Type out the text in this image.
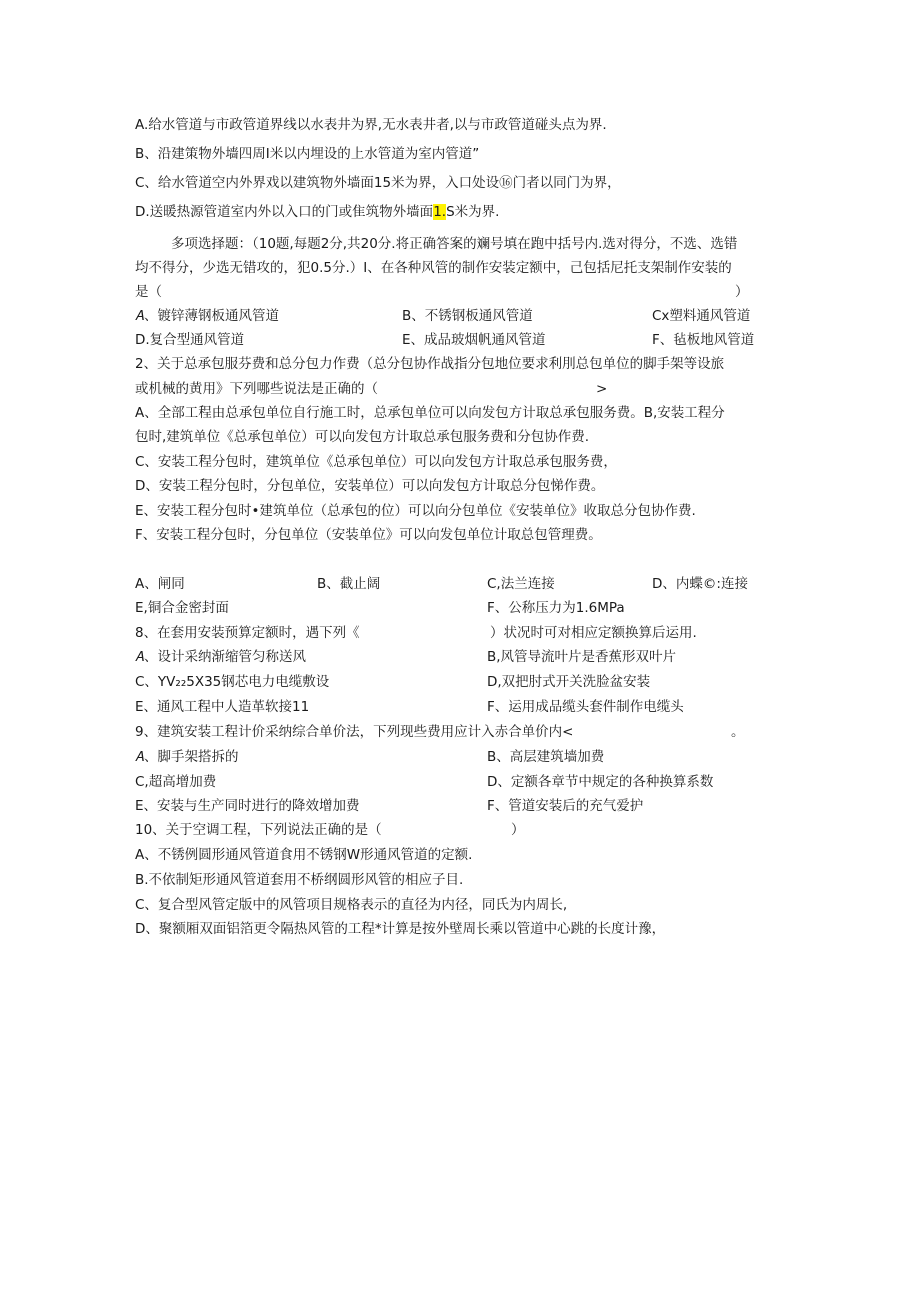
A.给水管道与市政管道界线以水表井为界,无水表井者,以与市政管道碰头点为界.
B、沿建策物外墙四周I米以内埋设的上水管道为室内管道”
C、给水管道空内外界戏以建筑物外墙面15米为界，入口处设⑯门者以同门为界，
D.送暖热源管道室内外以入口的门或隹筑物外墙面1.S米为界.
多项选择题：（10题,每题2分,共20分.将正确答案的斓号填在跑中括号内.选对得分，不选、选错
均不得分，少选无错攻的，犯0.5分.）I、在各种风管的制作安装定额中，己包括尼托支架制作安装的
是（	）
𝐴、镀锌薄钢板通风管道	B、不锈钢板通风管道	Cx塑料通风管道
D.复合型通风管道	E、成品玻烟帆通风管道	F、毡板地风管道
2、关于总承包服芬费和总分包力作费（总分包协作战指分包地位要求利刖总包单位的脚手架等设旅
或机械的黄用》下列哪些说法是正确的（	>
A、全部工程由总承包单位自行施工时，总承包单位可以向发包方计取总承包服务费。B,安装工程分
包时,建筑单位《总承包单位）可以向发包方计取总承包服务费和分包协作费.
C、安装工程分包时，建筑单位《总承包单位）可以向发包方计取总承包服务费，
D、安装工程分包时，分包单位，安装单位）可以向发包方计取总分包悌作费。
E、安装工程分包时•建筑单位（总承包的位）可以向分包单位《安装单位》收取总分包协作费.
F、安装工程分包时，分包单位（安装单位》可以向发包单位计取总包管理费。
A、闸同	B、截止阔	C,法兰连接	D、内蝶©:连接
E,铜合金密封面	F、公称压力为1.6MPa
8、在套用安装预算定额时，遇下列《	）状况时可对相应定额换算后运用.
𝐴、设计采纳渐缩管匀称送风	B,风管导流叶片是香蕉形双叶片
C、YV₂₂5X35钢芯电力电缆敷设	D,双把肘式开关洗脸盆安装
E、通风工程中人造革软接11	F、运用成品缆头套件制作电缆头
9、建筑安装工程计价采纳综合单价法，下列现些费用应计入赤合单价内<	。
𝐴、脚手架搭拆的	B、高层建筑墙加费
C,超高增加费	D、定额各章节中规定的各种换算系数
E、安装与生产同时进行的降效增加费	F、管道安装后的充气爱护
10、关于空调工程，下列说法正确的是（	）
A、不锈例圆形通风管道食用不锈钢W形通风管道的定额.
B.不依制矩形通风管道套用不桥纲圆形风管的相应子目.
C、复合型风管定版中的风管项目规格表示的直径为内径，同氏为内周长,
D、聚额厢双面铝箔更令隔热风管的工程*计算是按外壁周长乘以管道中心跳的长度计豫，
